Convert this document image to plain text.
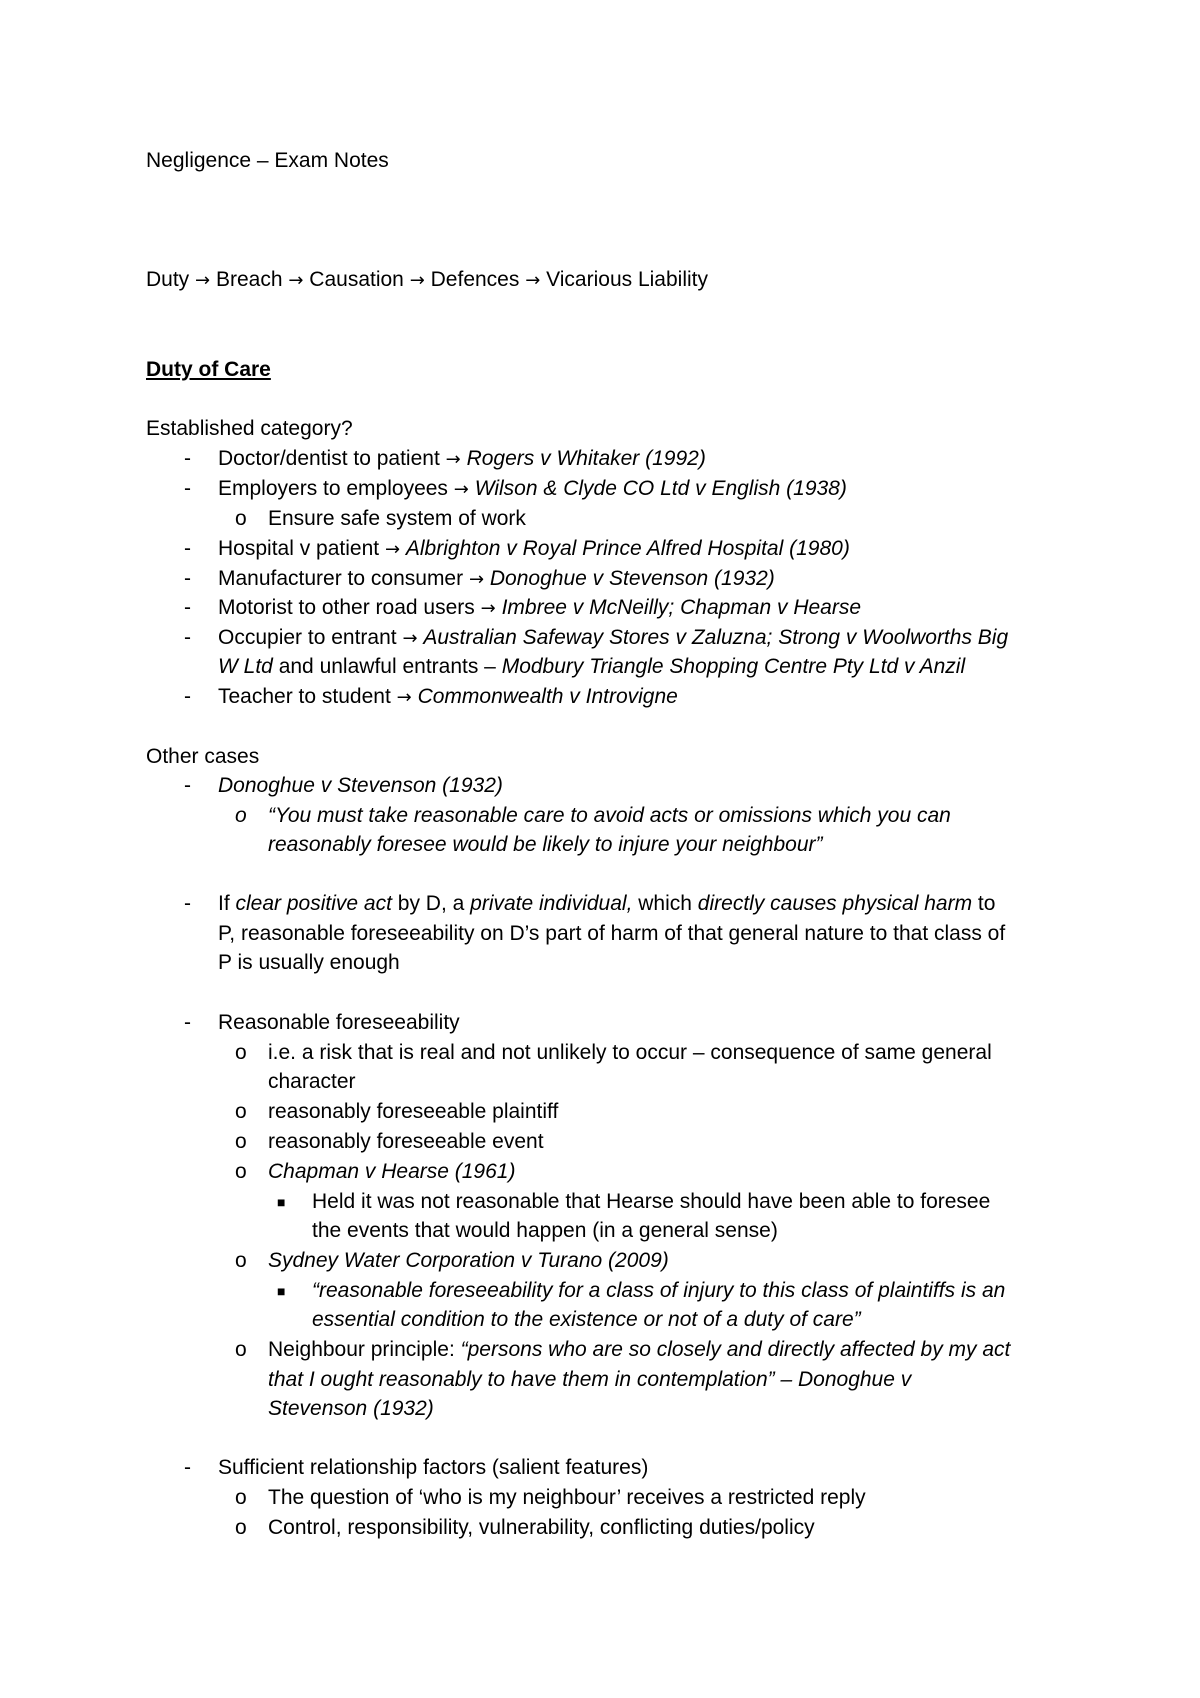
Negligence – Exam Notes
Duty → Breach → Causation → Defences → Vicarious Liability
Duty of Care
Established category?
- Doctor/dentist to patient → Rogers v Whitaker (1992)
- Employers to employees → Wilson & Clyde CO Ltd v English (1938)
o Ensure safe system of work
- Hospital v patient → Albrighton v Royal Prince Alfred Hospital (1980)
- Manufacturer to consumer → Donoghue v Stevenson (1932)
- Motorist to other road users → Imbree v McNeilly; Chapman v Hearse
- Occupier to entrant → Australian Safeway Stores v Zaluzna; Strong v Woolworths Big
W Ltd and unlawful entrants – Modbury Triangle Shopping Centre Pty Ltd v Anzil
- Teacher to student → Commonwealth v Introvigne
Other cases
- Donoghue v Stevenson (1932)
o “You must take reasonable care to avoid acts or omissions which you can
reasonably foresee would be likely to injure your neighbour”
- If clear positive act by D, a private individual, which directly causes physical harm to
P, reasonable foreseeability on D’s part of harm of that general nature to that class of
P is usually enough
- Reasonable foreseeability
o i.e. a risk that is real and not unlikely to occur – consequence of same general
character
o reasonably foreseeable plaintiff
o reasonably foreseeable event
o Chapman v Hearse (1961)
■ Held it was not reasonable that Hearse should have been able to foresee
the events that would happen (in a general sense)
o Sydney Water Corporation v Turano (2009)
■ “reasonable foreseeability for a class of injury to this class of plaintiffs is an
essential condition to the existence or not of a duty of care”
o Neighbour principle: “persons who are so closely and directly affected by my act
that I ought reasonably to have them in contemplation” – Donoghue v
Stevenson (1932)
- Sufficient relationship factors (salient features)
o The question of ‘who is my neighbour’ receives a restricted reply
o Control, responsibility, vulnerability, conflicting duties/policy
